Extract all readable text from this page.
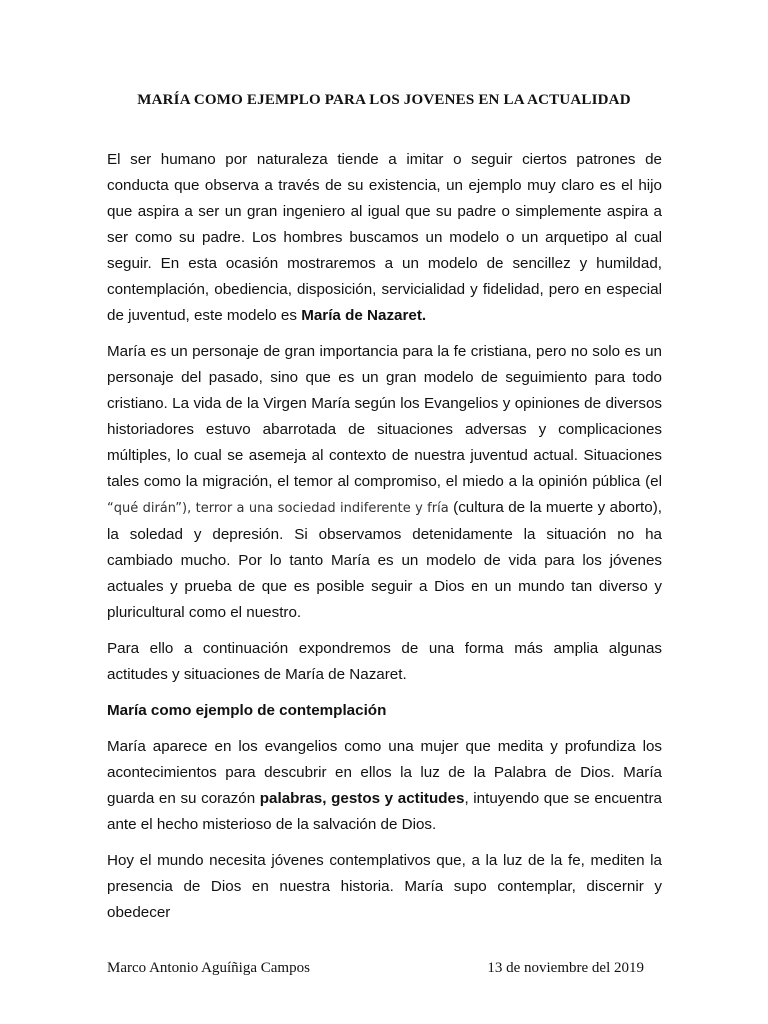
MARÍA COMO EJEMPLO PARA LOS JOVENES EN LA ACTUALIDAD

El ser humano por naturaleza tiende a imitar o seguir ciertos patrones de conducta que observa a través de su existencia, un ejemplo muy claro es el hijo que aspira a ser un gran ingeniero al igual que su padre o simplemente aspira a ser como su padre. Los hombres buscamos un modelo o un arquetipo al cual seguir. En esta ocasión mostraremos a un modelo de sencillez y humildad, contemplación, obediencia, disposición, servicialidad y fidelidad, pero en especial de juventud, este modelo es María de Nazaret.

María es un personaje de gran importancia para la fe cristiana, pero no solo es un personaje del pasado, sino que es un gran modelo de seguimiento para todo cristiano. La vida de la Virgen María según los Evangelios y opiniones de diversos historiadores estuvo abarrotada de situaciones adversas y complicaciones múltiples, lo cual se asemeja al contexto de nuestra juventud actual. Situaciones tales como la migración, el temor al compromiso, el miedo a la opinión pública (el “qué dirán”), terror a una sociedad indiferente y fría (cultura de la muerte y aborto), la soledad y depresión. Si observamos detenidamente la situación no ha cambiado mucho. Por lo tanto María es un modelo de vida para los jóvenes actuales y prueba de que es posible seguir a Dios en un mundo tan diverso y pluricultural como el nuestro.

Para ello a continuación expondremos de una forma más amplia algunas actitudes y situaciones de María de Nazaret.

María como ejemplo de contemplación

María aparece en los evangelios como una mujer que medita y profundiza los acontecimientos para descubrir en ellos la luz de la Palabra de Dios. María guarda en su corazón palabras, gestos y actitudes, intuyendo que se encuentra ante el hecho misterioso de la salvación de Dios.

Hoy el mundo necesita jóvenes contemplativos que, a la luz de la fe, mediten la presencia de Dios en nuestra historia. María supo contemplar, discernir y obedecer

Marco Antonio Aguíñiga Campos	13 de noviembre del 2019
